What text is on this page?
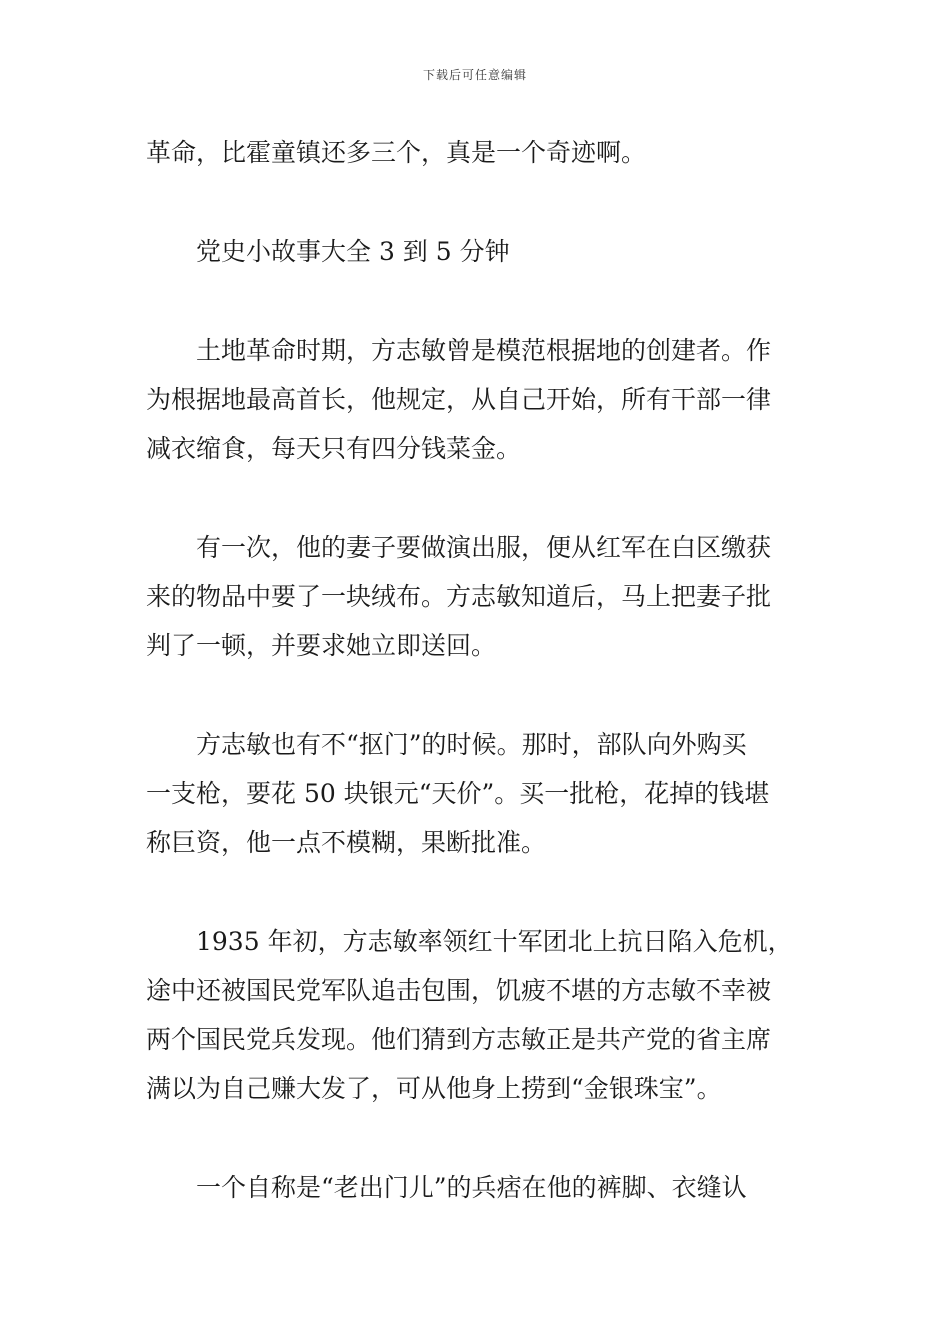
下载后可任意编辑

革命，比霍童镇还多三个，真是一个奇迹啊。

党史小故事大全 3 到 5 分钟

土地革命时期，方志敏曾是模范根据地的创建者。作
为根据地最高首长，他规定，从自己开始，所有干部一律
减衣缩食，每天只有四分钱菜金。

有一次，他的妻子要做演出服，便从红军在白区缴获
来的物品中要了一块绒布。方志敏知道后，马上把妻子批
判了一顿，并要求她立即送回。

方志敏也有不“抠门”的时候。那时，部队向外购买
一支枪，要花 50 块银元“天价”。买一批枪，花掉的钱堪
称巨资，他一点不模糊，果断批准。

1935 年初，方志敏率领红十军团北上抗日陷入危机，
途中还被国民党军队追击包围，饥疲不堪的方志敏不幸被
两个国民党兵发现。他们猜到方志敏正是共产党的省主席
满以为自己赚大发了，可从他身上捞到“金银珠宝”。

一个自称是“老出门儿”的兵痞在他的裤脚、衣缝认
